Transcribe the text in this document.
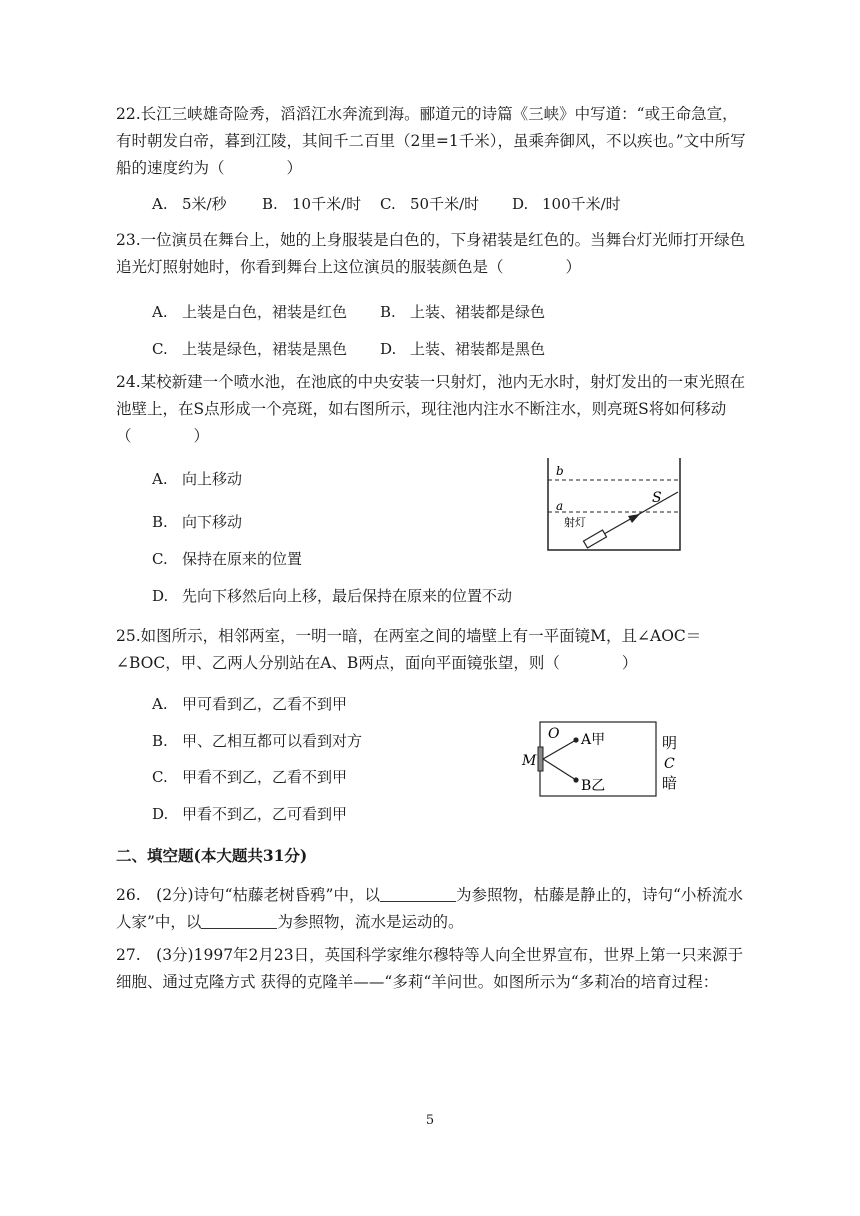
22.长江三峡雄奇险秀，滔滔江水奔流到海。郦道元的诗篇《三峡》中写道：“或王命急宣，有时朝发白帝，暮到江陵，其间千二百里（2里=1千米），虽乘奔御风，不以疾也。”文中所写船的速度约为（　　　　）

A. 5米/秒 B. 10千米/时 C. 50千米/时 D. 100千米/时

23.一位演员在舞台上，她的上身服装是白色的，下身裙装是红色的。当舞台灯光师打开绿色追光灯照射她时，你看到舞台上这位演员的服装颜色是（　　　　）

A. 上装是白色，裙装是红色 B. 上装、裙装都是绿色
C. 上装是绿色，裙装是黑色 D. 上装、裙装都是黑色

24.某校新建一个喷水池，在池底的中央安装一只射灯，池内无水时，射灯发出的一束光照在池壁上，在S点形成一个亮斑，如右图所示，现往池内注水不断注水，则亮斑S将如何移动（　　　　）

A. 向上移动
B. 向下移动
C. 保持在原来的位置
D. 先向下移然后向上移，最后保持在原来的位置不动
b
a	S
射灯

25.如图所示，相邻两室，一明一暗，在两室之间的墙壁上有一平面镜M，且∠AOC＝∠BOC，甲、乙两人分别站在A、B两点，面向平面镜张望，则（　　　　）

A. 甲可看到乙，乙看不到甲
B. 甲、乙相互都可以看到对方
C. 甲看不到乙，乙看不到甲
D. 甲看不到乙，乙可看到甲
O A甲
M
B乙
明
C
暗
二、填空题(本大题共31分)

26.　(2分)诗句“枯藤老树昏鸦”中，以	为参照物，枯藤是静止的，诗句“小桥流水人家”中，以	为参照物，流水是运动的。

27.　(3分)1997年2月23日，英国科学家维尔穆特等人向全世界宣布，世界上第一只来源于细胞、通过克隆方式 获得的克隆羊——“多莉“羊问世。如图所示为“多莉冶的培育过程：

5
